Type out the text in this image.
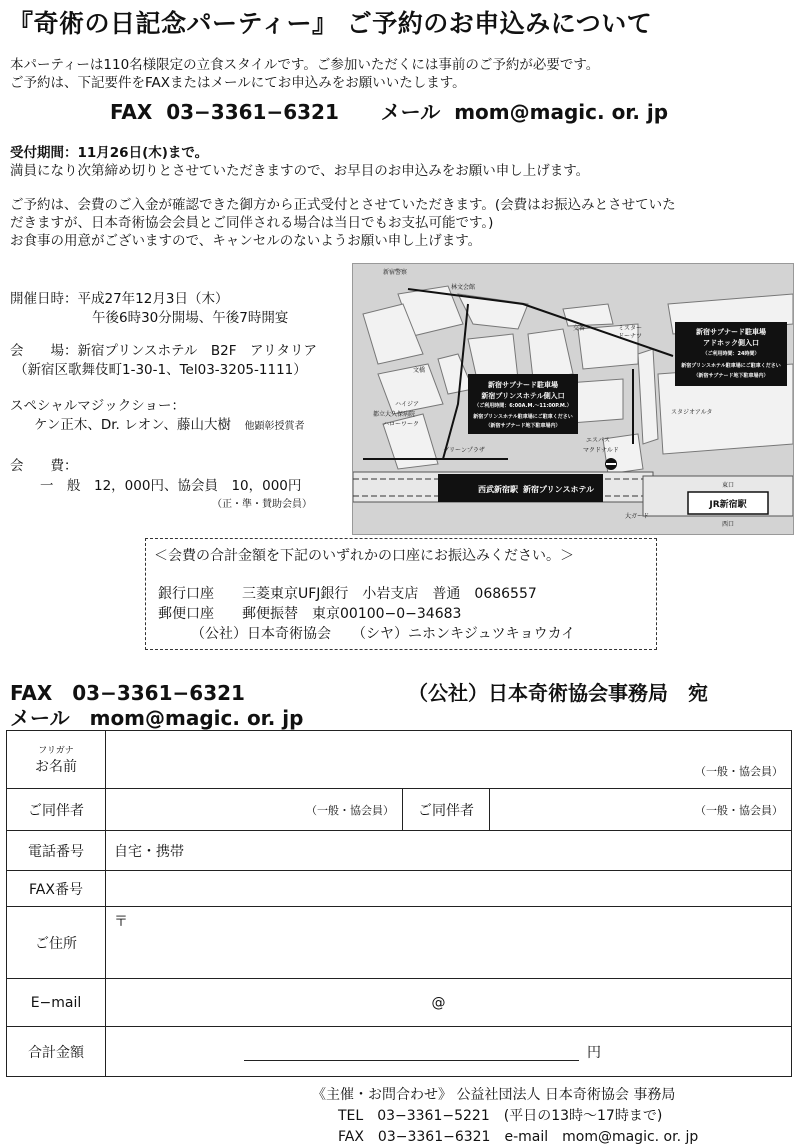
『奇術の日記念パーティー』 ご予約のお申込みについて
本パーティーは110名様限定の立食スタイルです。ご参加いただくには事前のご予約が必要です。
ご予約は、下記要件をFAXまたはメールにてお申込みをお願いいたします。
FAX 03−3361−6321 メール mom@magic. or. jp
受付期間：11月26日(木)まで。
満員になり次第締め切りとさせていただきますので、お早目のお申込みをお願い申し上げます。
ご予約は、会費のご入金が確認できた御方から正式受付とさせていただきます。(会費はお振込みとさせていた
だきますが、日本奇術協会会員とご同伴される場合は当日でもお支払可能です。)
お食事の用意がございますので、キャンセルのないようお願い申し上げます。
開催日時：平成27年12月3日（木）
午後6時30分開場、午後7時開宴
会　　場：新宿プリンスホテル　B2F　アリタリア
（新宿区歌舞伎町1-30-1、Tel03-3205-1111）
スペシャルマジックショー：
ケン正木、Dr. レオン、藤山大樹　 他顕彰授賞者
会　　費：
一　般　12，000円、協会員　10，000円
（正・準・賛助会員）
新宿サブナード駐車場
新宿プリンスホテル側入口
（ご利用時間：6:00A.M.〜11:00P.M.）
新宿プリンスホテル駐車場にご駐車ください
（新宿サブナード地下駐車場内）
新宿サブナード駐車場
アドホック側入口
（ご利用時間：24時間）
新宿プリンスホテル駐車場にご駐車ください
（新宿サブナード地下駐車場内）
西武新宿駅 新宿プリンスホテル
JR新宿駅
東口
西口
大ガード
スタジオアルタ
ミスター
ドーナツ
エスパス
マクドナルド
ハローワーク
グリーンプラザ
ハイジア
都立大久保病院
文橋
新宿警察
交番
林文会館
＜会費の合計金額を下記のいずれかの口座にお振込みください。＞
銀行口座　　三菱東京UFJ銀行　小岩支店　普通　0686557
郵便口座　　郵便振替　東京00100−0−34683
（公社）日本奇術協会　　（シヤ）ニホンキジュツキョウカイ
FAX　03−3361−6321	（公社）日本奇術協会事務局　宛
メール　mom@magic. or. jp
フリガナ
お名前	（一般・協会員）		

ご同伴者	（一般・協会員）	ご同伴者	（一般・協会員）

電話番号	自宅・携帯		
FAX番号			
ご住所	〒		
E−mail	@		
合計金額	円		
《主催・お問合わせ》 公益社団法人 日本奇術協会 事務局
TEL　03−3361−5221　(平日の13時〜17時まで)
FAX　03−3361−6321　e-mail　mom@magic. or. jp
